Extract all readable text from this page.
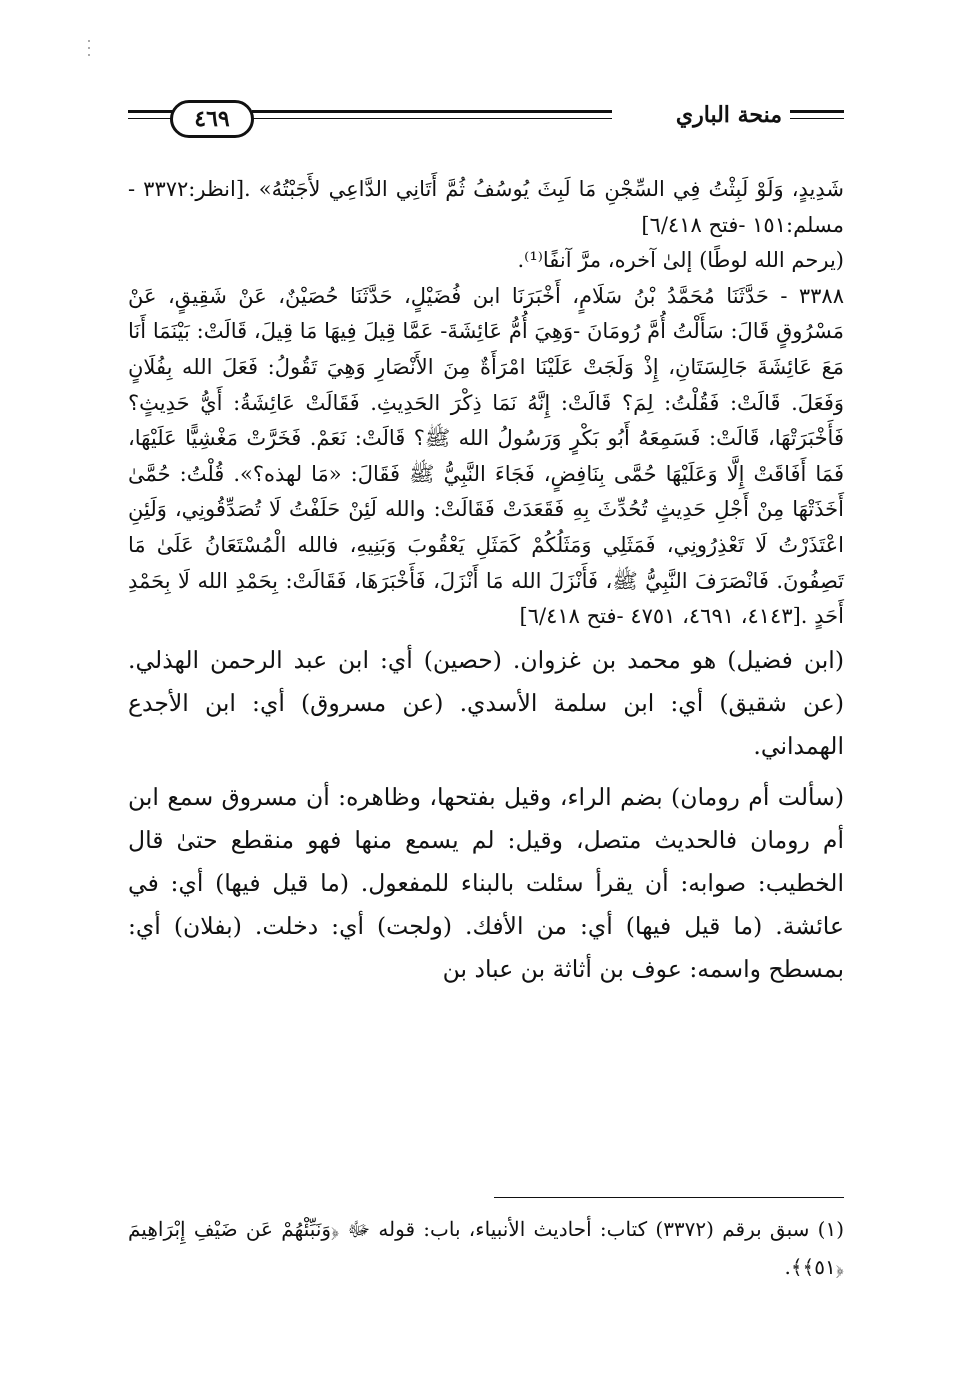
٤٦٩	منحة الباري

شَدِيدٍ، وَلَوْ لَبِثْتُ فِي السِّجْنِ مَا لَبِثَ يُوسُفُ ثُمَّ أَتَانِي الدَّاعِي لأَجَبْتُهُ» .[انظر:٣٣٧٢ - مسلم:١٥١ -فتح ٦/٤١٨]

(يرحم الله لوطًا) إلىٰ آخره، مرَّ آنفًا⁽¹⁾.

٣٣٨٨ - حَدَّثَنَا مُحَمَّدُ بْنُ سَلَامٍ، أَخْبَرَنَا ابن فُضَيْلٍ، حَدَّثَنَا حُصَيْنٌ، عَنْ شَقِيقٍ، عَنْ مَسْرُوقٍ قَالَ: سَأَلْتُ أُمَّ رُومَانَ -وَهِيَ أُمُّ عَائِشَةَ- عَمَّا قِيلَ فِيهَا مَا قِيلَ، قَالَتْ: بَيْنَمَا أَنَا مَعَ عَائِشَةَ جَالِسَتَانِ، إِذْ وَلَجَتْ عَلَيْنَا امْرَأَةٌ مِنَ الأَنْصَارِ وَهِيَ تَقُولُ: فَعَلَ الله بِفُلَانٍ وَفَعَلَ. قَالَتْ: فَقُلْتُ: لِمَ؟ قَالَتْ: إِنَّهُ نَمَا ذِكْرَ الحَدِيثِ. فَقَالَتْ عَائِشَةُ: أَيُّ حَدِيثٍ؟ فَأَخْبَرَتْهَا، قَالَتْ: فَسَمِعَهُ أَبُو بَكْرٍ وَرَسُولُ الله ﷺ؟ قَالَتْ: نَعَمْ. فَخَرَّتْ مَغْشِيًّا عَلَيْهَا، فَمَا أَفَاقَتْ إِلَّا وَعَلَيْهَا حُمَّى بِنَافِضٍ، فَجَاءَ النَّبِيُّ ﷺ فَقَالَ: «مَا لهذه؟». قُلْتُ: حُمَّىٰ أَخَذَتْهَا مِنْ أَجْلِ حَدِيثٍ تُحُدِّثَ بِهِ فَقَعَدَتْ فَقَالَتْ: والله لَئِنْ حَلَفْتُ لَا تُصَدِّقُونِي، وَلَئِنِ اعْتَذَرْتُ لَا تَعْذِرُونِي، فَمَثَلِي وَمَثَلُكُمْ كَمَثَلِ يَعْقُوبَ وَبَنِيهِ، فالله الْمُسْتَعَانُ عَلَىٰ مَا تَصِفُونَ. فَانْصَرَفَ النَّبِيُّ ﷺ، فَأَنْزَلَ الله مَا أَنْزَلَ، فَأَخْبَرَهَا، فَقَالَتْ: بِحَمْدِ الله لَا بِحَمْدِ أَحَدٍ .[٤١٤٣، ٤٦٩١، ٤٧٥١ -فتح ٦/٤١٨]

(ابن فضيل) هو محمد بن غزوان. (حصين) أي: ابن عبد الرحمن الهذلي. (عن شقيق) أي: ابن سلمة الأسدي. (عن مسروق) أي: ابن الأجدع الهمداني.

(سألت أم رومان) بضم الراء، وقيل بفتحها، وظاهره: أن مسروق سمع ابن أم رومان فالحديث متصل، وقيل: لم يسمع منها فهو منقطع حتىٰ قال الخطيب: صوابه: أن يقرأ سئلت بالبناء للمفعول. (ما قيل فيها) أي: في عائشة. (ما قيل فيها) أي: من الأفك. (ولجت) أي: دخلت. (بفلان) أي: بمسطح واسمه: عوف بن أثاثة بن عباد بن

(١) سبق برقم (٣٣٧٢) كتاب: أحاديث الأنبياء، باب: قوله ﷻ ﴿وَنَبِّئْهُمْ عَن ضَيْفِ إِبْرَاهِيمَ ﴿٥١﴾﴾.
